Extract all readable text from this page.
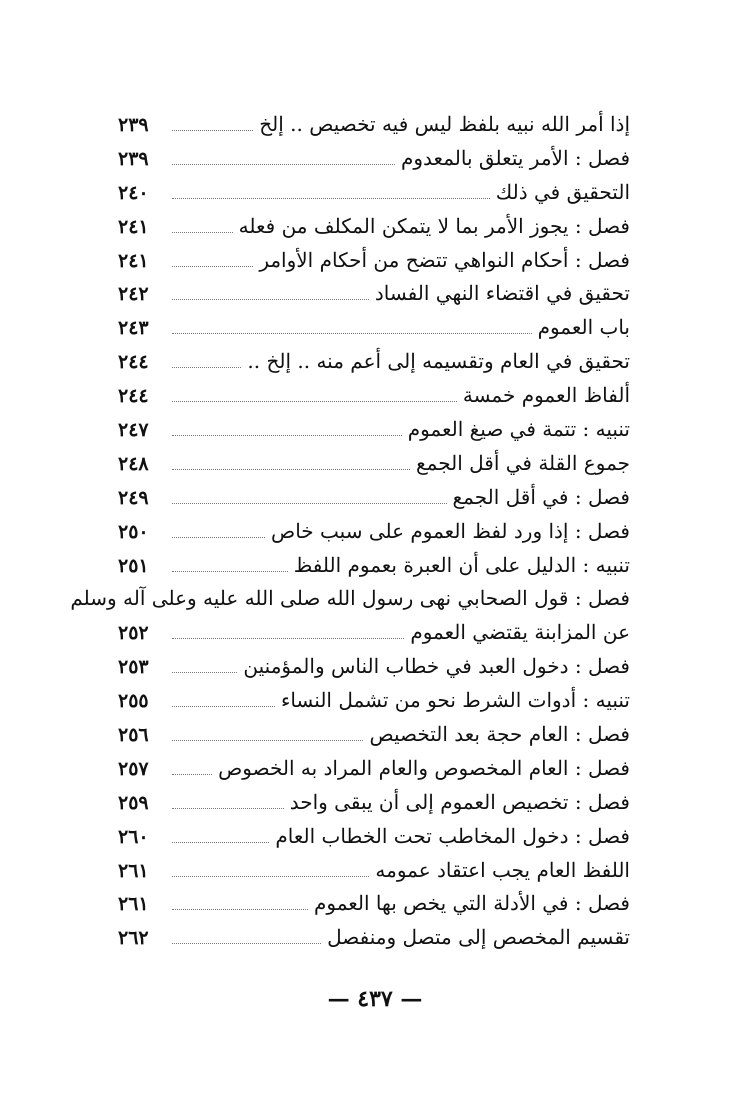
إذا أمر الله نبيه بلفظ ليس فيه تخصيص .. إلخ
٢٣٩
فصل : الأمر يتعلق بالمعدوم
٢٣٩
التحقيق في ذلك
٢٤٠
فصل : يجوز الأمر بما لا يتمكن المكلف من فعله
٢٤١
فصل : أحكام النواهي تتضح من أحكام الأوامر
٢٤١
تحقيق في اقتضاء النهي الفساد
٢٤٢
باب العموم
٢٤٣
تحقيق في العام وتقسيمه إلى أعم منه .. إلخ ..
٢٤٤
ألفاظ العموم خمسة
٢٤٤
تنبيه : تتمة في صيغ العموم
٢٤٧
جموع القلة في أقل الجمع
٢٤٨
فصل : في أقل الجمع
٢٤٩
فصل : إذا ورد لفظ العموم على سبب خاص
٢٥٠
تنبيه : الدليل على أن العبرة بعموم اللفظ
٢٥١
فصل : قول الصحابي نهى رسول الله صلى الله عليه وعلى آله وسلم
عن المزابنة يقتضي العموم
٢٥٢
فصل : دخول العبد في خطاب الناس والمؤمنين
٢٥٣
تنبيه : أدوات الشرط نحو من تشمل النساء
٢٥٥
فصل : العام حجة بعد التخصيص
٢٥٦
فصل : العام المخصوص والعام المراد به الخصوص
٢٥٧
فصل : تخصيص العموم إلى أن يبقى واحد
٢٥٩
فصل : دخول المخاطب تحت الخطاب العام
٢٦٠
اللفظ العام يجب اعتقاد عمومه
٢٦١
فصل : في الأدلة التي يخص بها العموم
٢٦١
تقسيم المخصص إلى متصل ومنفصل
٢٦٢
— ٤٣٧ —
